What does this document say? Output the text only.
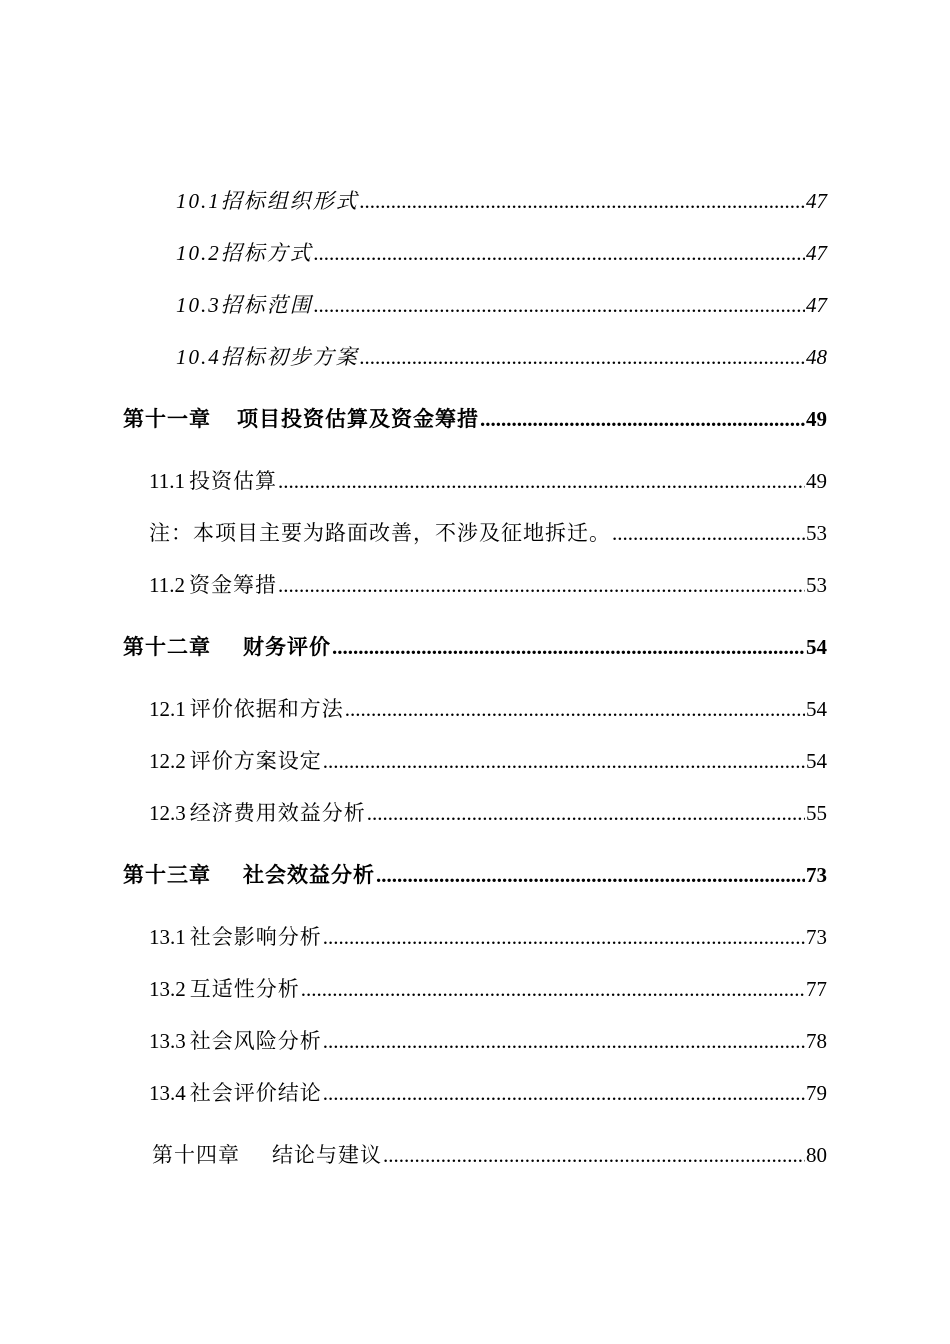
10.1招标组织形式 .....	47
10.2招标方式 .....	47
10.3招标范围 .....	47
10.4招标初步方案 .....	48
第十一章 项目投资估算及资金筹措 .....	49
11.1 投资估算 .....	49
注：本项目主要为路面改善，不涉及征地拆迁。 .....	53
11.2 资金筹措 .....	53
第十二章 财务评价 .....	54
12.1 评价依据和方法 .....	54
12.2 评价方案设定 .....	54
12.3 经济费用效益分析 .....	55
第十三章 社会效益分析 .....	73
13.1 社会影响分析 .....	73
13.2 互适性分析 .....	77
13.3 社会风险分析 .....	78
13.4 社会评价结论 .....	79
第十四章 结论与建议 .....	80
